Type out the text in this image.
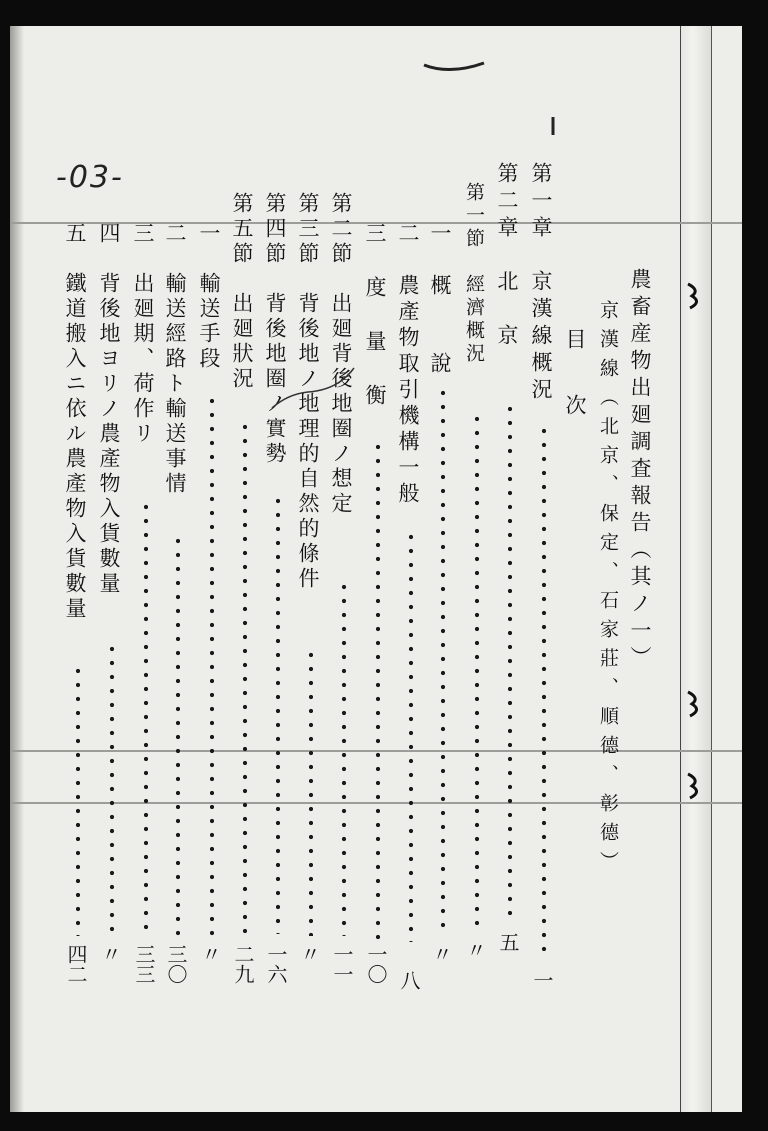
-03-
農畜産物出廻調査報告（其ノ一）
京漢線（北京、保定、石家莊、順德、彰德）
目　次
第一章　京漢線概況
一
第二章　北　京
五
第一節　經濟概況
〃
一　概　　說
〃
二　農產物取引機構一般
八
三　度　量　衡
一〇
第二節　出廻背後地圈ノ想定
一一
第三節　背後地ノ地理的自然的條件
〃
第四節　背後地圈ノ實勢
一六
第五節　出廻狀況
二九
一　輸送手段
〃
二　輸送經路ト輸送事情
三〇
三　出廻期、荷作リ
三三
四　背後地ヨリノ農產物入貨數量
〃
五　鐵道搬入ニ依ル農產物入貨數量
四二
